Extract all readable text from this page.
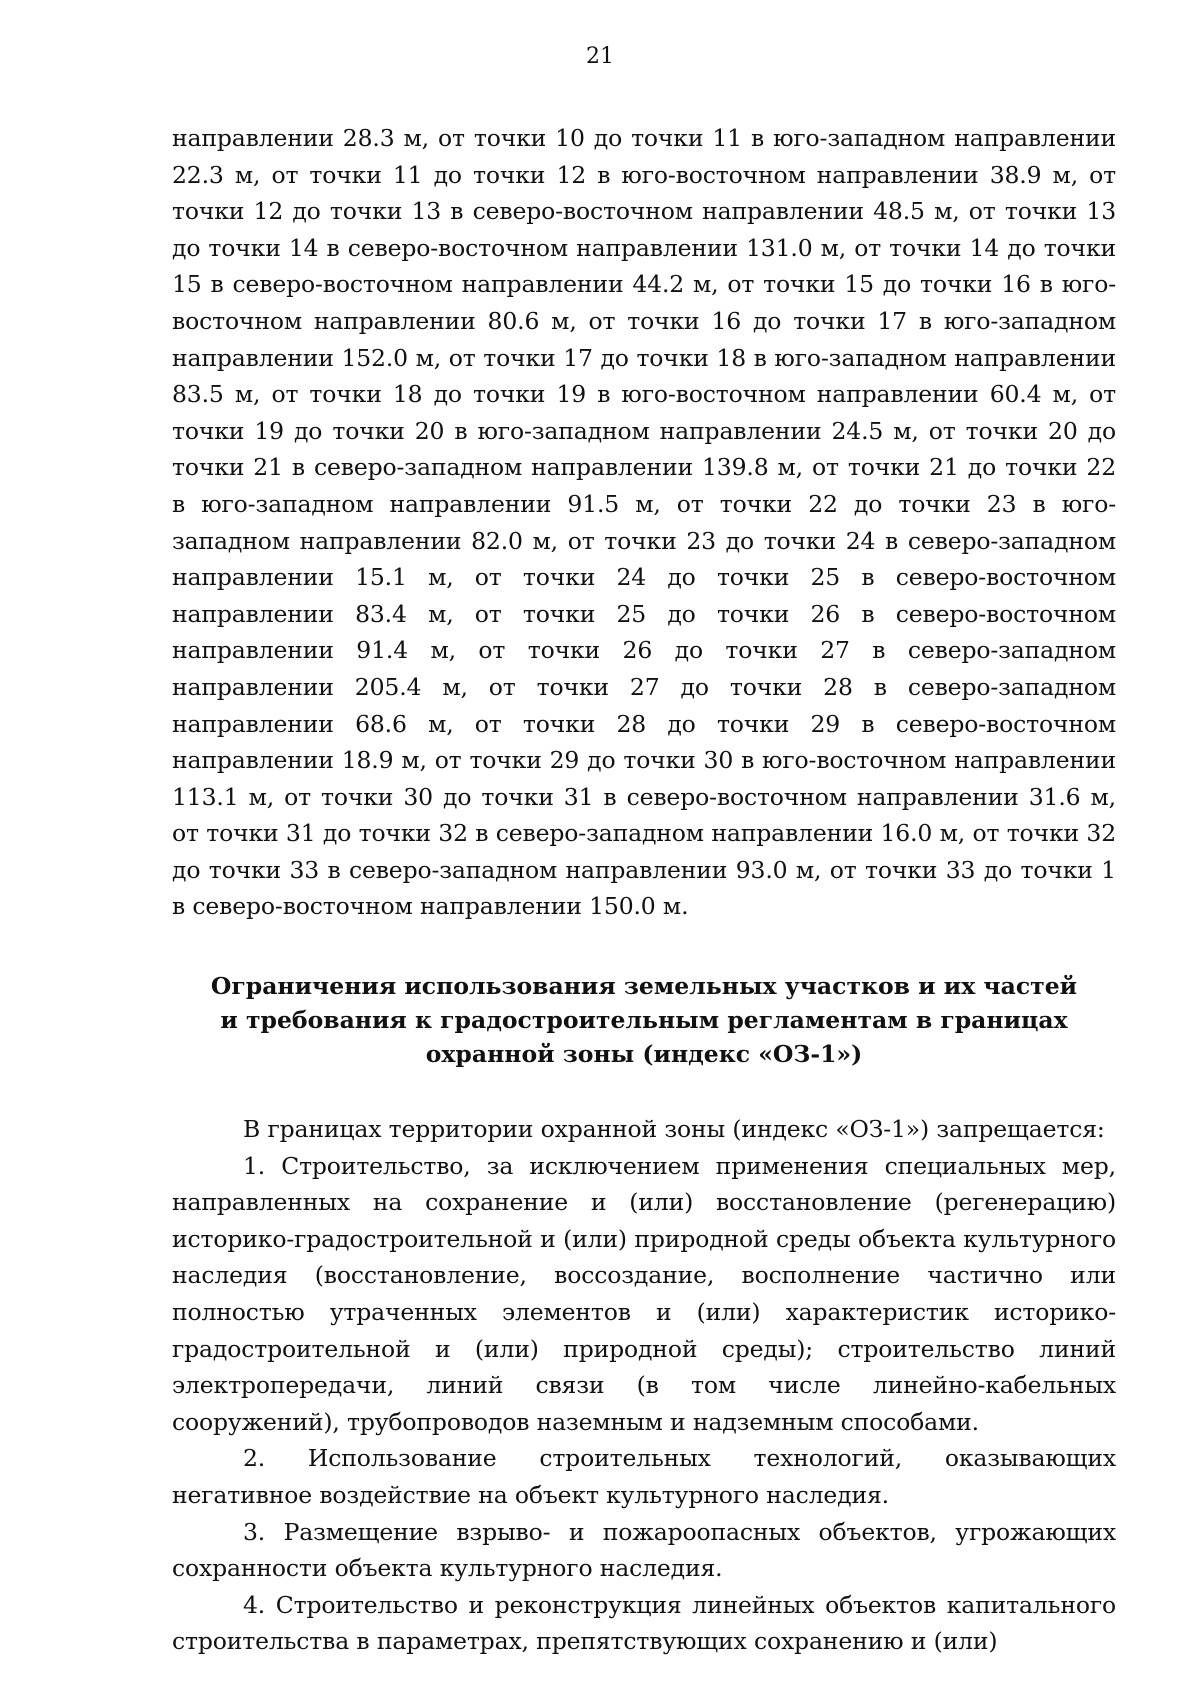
21

направлении 28.3 м, от точки 10 до точки 11 в юго-западном направлении 22.3 м, от точки 11 до точки 12 в юго-восточном направлении 38.9 м, от точки 12 до точки 13 в северо-восточном направлении 48.5 м, от точки 13 до точки 14 в северо-восточном направлении 131.0 м, от точки 14 до точки 15 в северо-восточном направлении 44.2 м, от точки 15 до точки 16 в юго-восточном направлении 80.6 м, от точки 16 до точки 17 в юго-западном направлении 152.0 м, от точки 17 до точки 18 в юго-западном направлении 83.5 м, от точки 18 до точки 19 в юго-восточном направлении 60.4 м, от точки 19 до точки 20 в юго-западном направлении 24.5 м, от точки 20 до точки 21 в северо-западном направлении 139.8 м, от точки 21 до точки 22 в юго-западном направлении 91.5 м, от точки 22 до точки 23 в юго-западном направлении 82.0 м, от точки 23 до точки 24 в северо-западном направлении 15.1 м, от точки 24 до точки 25 в северо-восточном направлении 83.4 м, от точки 25 до точки 26 в северо-восточном направлении 91.4 м, от точки 26 до точки 27 в северо-западном направлении 205.4 м, от точки 27 до точки 28 в северо-западном направлении 68.6 м, от точки 28 до точки 29 в северо-восточном направлении 18.9 м, от точки 29 до точки 30 в юго-восточном направлении 113.1 м, от точки 30 до точки 31 в северо-восточном направлении 31.6 м, от точки 31 до точки 32 в северо-западном направлении 16.0 м, от точки 32 до точки 33 в северо-западном направлении 93.0 м, от точки 33 до точки 1 в северо-восточном направлении 150.0 м.

Ограничения использования земельных участков и их частей
и требования к градостроительным регламентам в границах
охранной зоны (индекс «ОЗ-1»)

В границах территории охранной зоны (индекс «ОЗ-1») запрещается:

1. Строительство, за исключением применения специальных мер, направленных на сохранение и (или) восстановление (регенерацию) историко-градостроительной и (или) природной среды объекта культурного наследия (восстановление, воссоздание, восполнение частично или полностью утраченных элементов и (или) характеристик историко-градостроительной и (или) природной среды); строительство линий электропередачи, линий связи (в том числе линейно-кабельных сооружений), трубопроводов наземным и надземным способами.

2. Использование строительных технологий, оказывающих негативное воздействие на объект культурного наследия.

3. Размещение взрыво- и пожароопасных объектов, угрожающих сохранности объекта культурного наследия.

4. Строительство и реконструкция линейных объектов капитального строительства в параметрах, препятствующих сохранению и (или)
